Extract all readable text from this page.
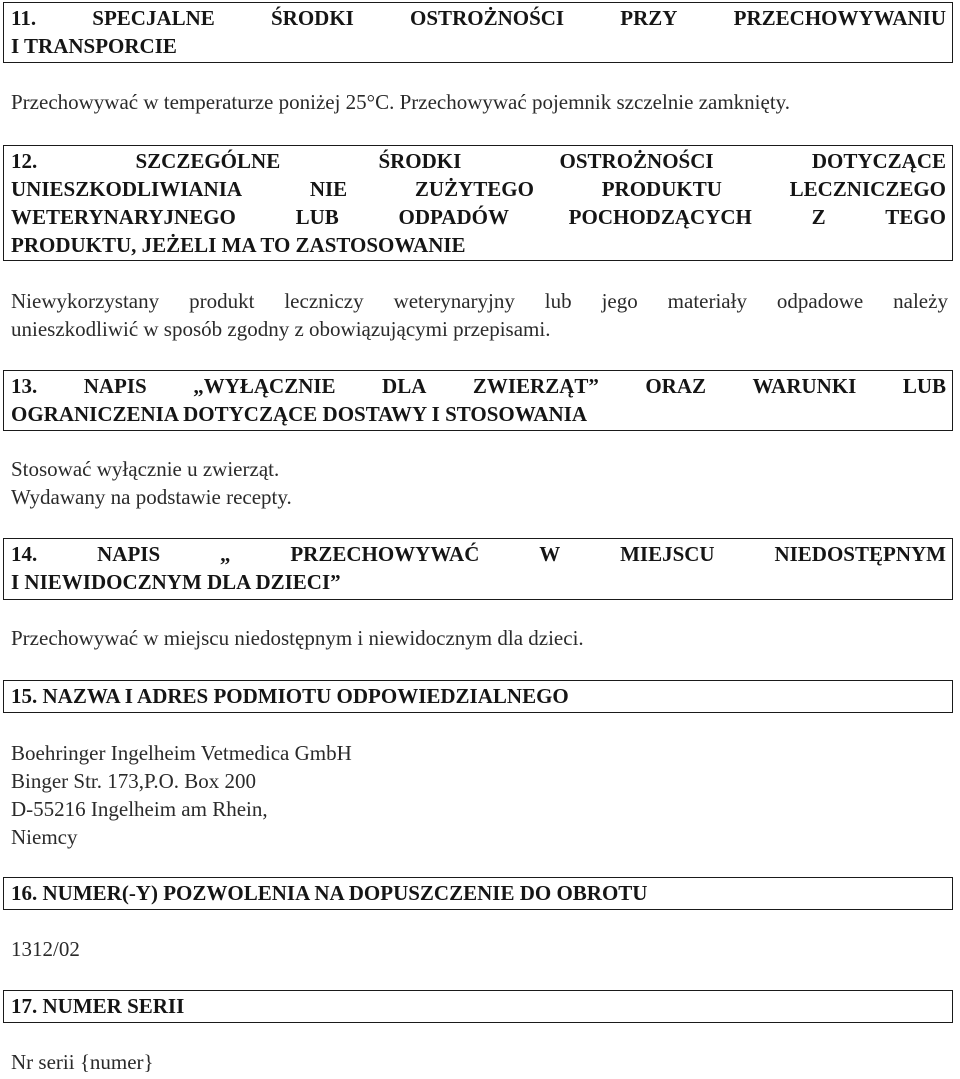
11.	SPECJALNE	ŚRODKI	OSTROŻNOŚCI	PRZY	PRZECHOWYWANIU
I TRANSPORCIE
Przechowywać w temperaturze poniżej 25°C. Przechowywać pojemnik szczelnie zamknięty.
12.	SZCZEGÓLNE	ŚRODKI	OSTROŻNOŚCI	DOTYCZĄCE
UNIESZKODLIWIANIA	NIE	ZUŻYTEGO	PRODUKTU	LECZNICZEGO
WETERYNARYJNEGO	LUB	ODPADÓW	POCHODZĄCYCH	Z	TEGO
PRODUKTU, JEŻELI MA TO ZASTOSOWANIE
Niewykorzystany produkt leczniczy weterynaryjny lub jego materiały odpadowe należy
unieszkodliwić w sposób zgodny z obowiązującymi przepisami.
13. NAPIS „WYŁĄCZNIE DLA ZWIERZĄT” ORAZ WARUNKI LUB
OGRANICZENIA DOTYCZĄCE DOSTAWY I STOSOWANIA
Stosować wyłącznie u zwierząt.
Wydawany na podstawie recepty.
14.	NAPIS	„	PRZECHOWYWAĆ	W	MIEJSCU	NIEDOSTĘPNYM
I NIEWIDOCZNYM DLA DZIECI”
Przechowywać w miejscu niedostępnym i niewidocznym dla dzieci.
15. NAZWA I ADRES PODMIOTU ODPOWIEDZIALNEGO
Boehringer Ingelheim Vetmedica GmbH
Binger Str. 173,P.O. Box 200
D-55216 Ingelheim am Rhein,
Niemcy
16. NUMER(-Y) POZWOLENIA NA DOPUSZCZENIE DO OBROTU
1312/02
17. NUMER SERII
Nr serii {numer}
